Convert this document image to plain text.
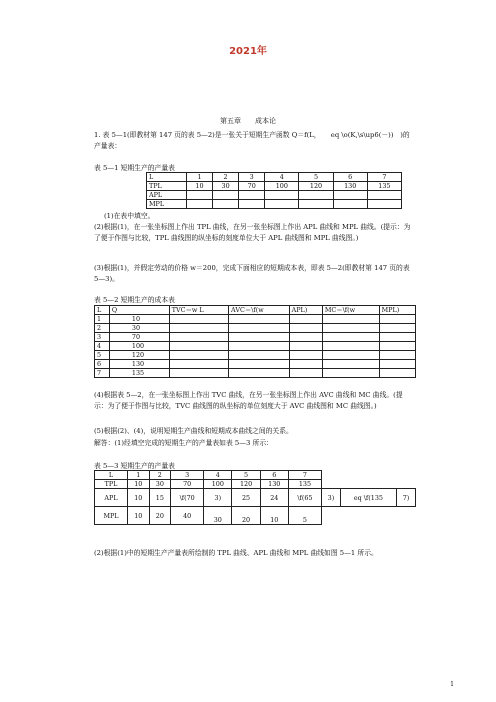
2021年
第五章　　成本论
1. 表 5—1(即教材第 147 页的表 5—2)是一张关于短期生产函数 Q＝f(L，　　eq \o(K,\s\up6(－))　)的产量表：
表 5—1 短期生产的产量表
L	1	2	3	4	5	6	7
TPL	10	30	70	100	120	130	135
APL							
MPL							
(1)在表中填空。
(2)根据(1)，在一张坐标图上作出 TPL 曲线，在另一张坐标图上作出 APL 曲线和 MPL 曲线。(提示：为了便于作图与比较，TPL 曲线图的纵坐标的刻度单位大于 APL 曲线图和 MPL 曲线图。)
(3)根据(1)，并假定劳动的价格 w＝200，完成下面相应的短期成本表，即表 5—2(即教材第 147 页的表 5—3)。
表 5—2 短期生产的成本表
L	Q	TVC＝w L	AVC＝\f(w	APL)	MC＝\f(w	MPL)
1	10					
2	30					
3	70					
4	100					
5	120					
6	130					
7	135					
(4)根据表 5—2，在一张坐标图上作出 TVC 曲线，在另一张坐标图上作出 AVC 曲线和 MC 曲线。(提示：为了便于作图与比较，TVC 曲线图的纵坐标的单位刻度大于 AVC 曲线图和 MC 曲线图。)
(5)根据(2)、(4)，说明短期生产曲线和短期成本曲线之间的关系。
解答：(1)经填空完成的短期生产的产量表如表 5—3 所示：
表 5—3 短期生产的产量表
L	1	2	3	4	5	6	7			
TPL	10	30	70	100	120	130	135			
APL	10	15	\f(70	3)	25	24	\f(65	3)	eq \f(135	7)
MPL	10	20	40	30	20	10	5			
(2)根据(1)中的短期生产产量表所绘制的 TPL 曲线、APL 曲线和 MPL 曲线如图 5—1 所示。
1
